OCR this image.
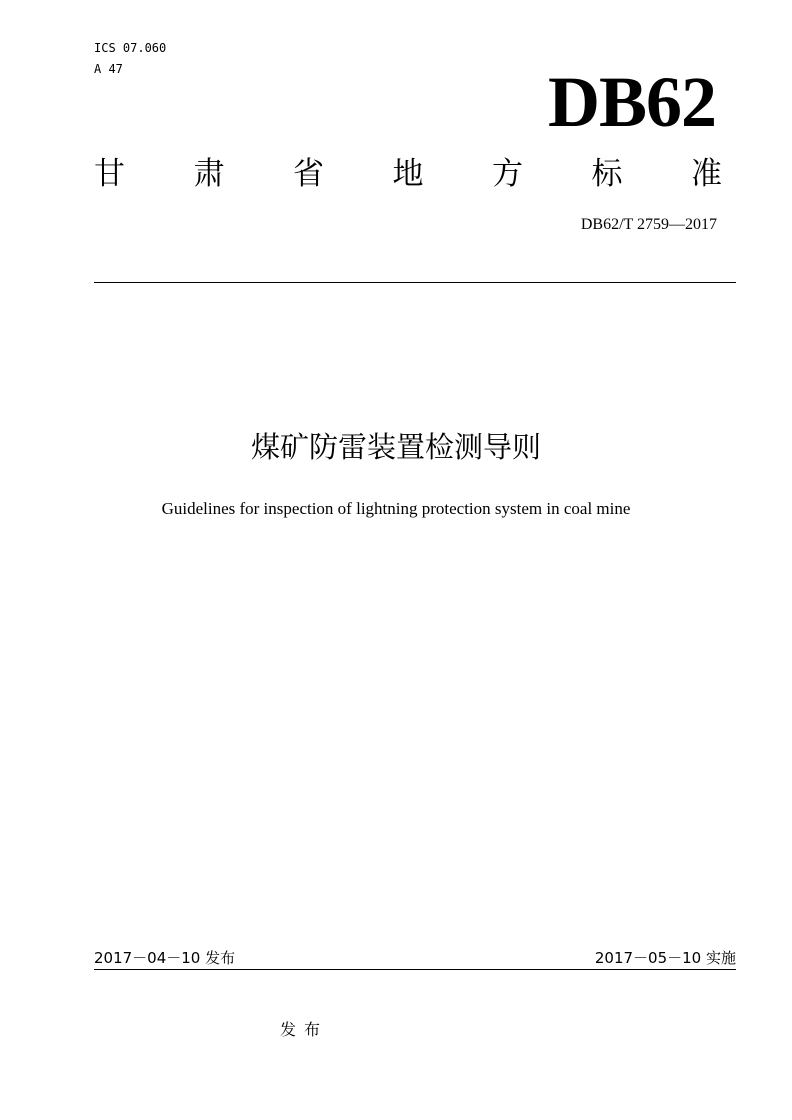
ICS 07.060
A 47	DB62
甘 肃 省 地 方 标 准
DB62/T 2759—2017
煤矿防雷装置检测导则
Guidelines for inspection of lightning protection system in coal mine
2017－04－10 发布	2017－05－10 实施
发布
